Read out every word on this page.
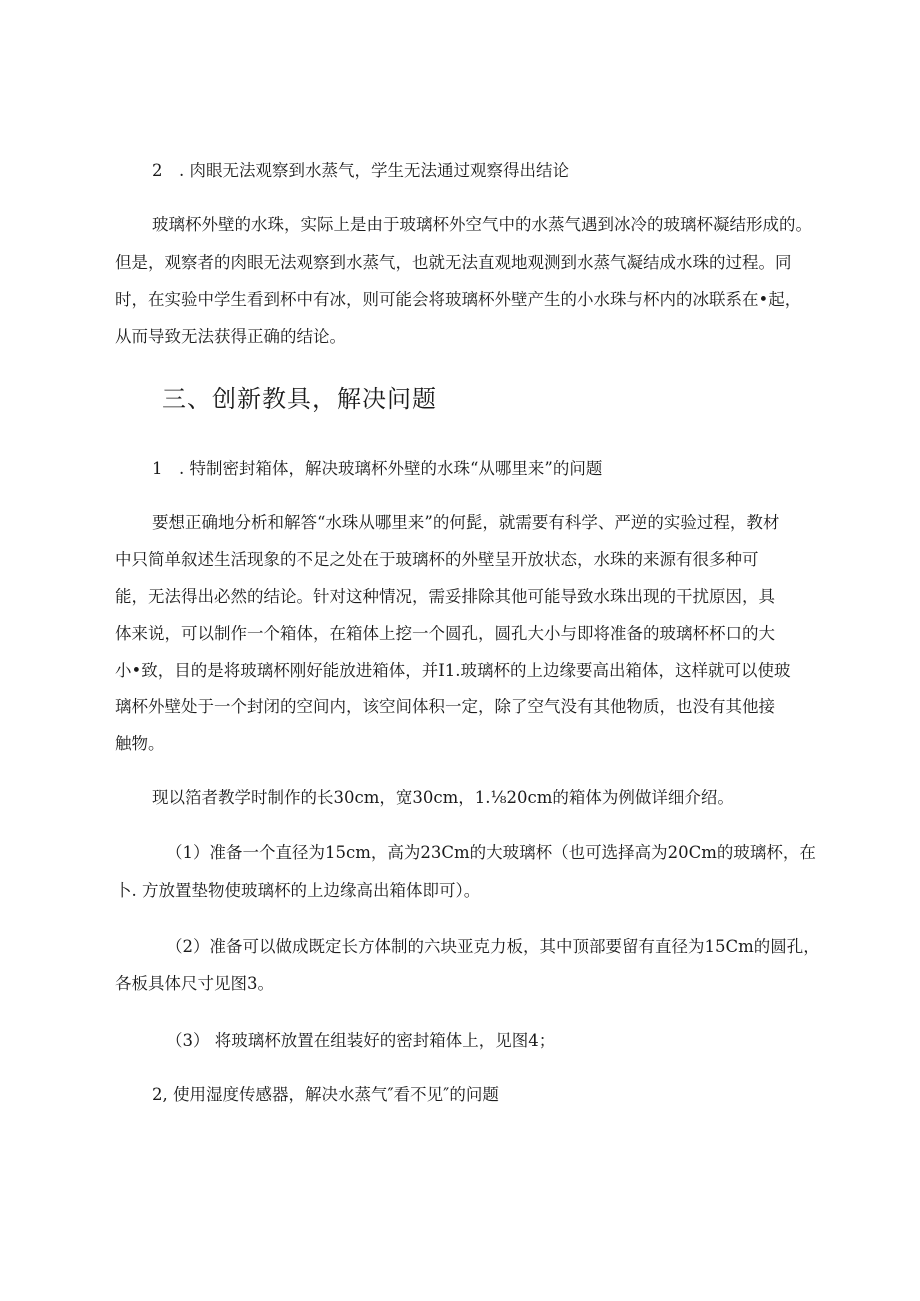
2　. 肉眼无法观察到水蒸气，学生无法通过观察得出结论
玻璃杯外壁的水珠，实际上是由于玻璃杯外空气中的水蒸气遇到冰冷的玻璃杯凝结形成的。
但是，观察者的肉眼无法观察到水蒸气，也就无法直观地观测到水蒸气凝结成水珠的过程。同
时，在实验中学生看到杯中有冰，则可能会将玻璃杯外壁产生的小水珠与杯内的冰联系在•起，
从而导致无法获得正确的结论。
三、创新教具，解决问题
1　. 特制密封箱体，解决玻璃杯外壁的水珠“从哪里来”的问题
要想正确地分析和解答“水珠从哪里来”的何髭，就需要有科学、严逆的实验过程，教材
中只简单叙述生活现象的不足之处在于玻璃杯的外壁呈开放状态，水珠的来源有很多种可
能，无法得出必然的结论。针对这种情况，需妥排除其他可能导致水珠出现的干扰原因，具
体来说，可以制作一个箱体，在箱体上挖一个圆孔，圆孔大小与即将准备的玻璃杯杯口的大
小•致，目的是将玻璃杯刚好能放进箱体，并I1.玻璃杯的上边缘要高出箱体，这样就可以使玻
璃杯外壁处于一个封闭的空间内，该空间体积一定，除了空气没有其他物质，也没有其他接
触物。
现以箔者教学时制作的长30cm，宽30cm，1.⅛20cm的箱体为例做详细介绍。
（1）准备一个直径为15cm，高为23Cm的大玻璃杯（也可选择高为20Cm的玻璃杯，在
卜. 方放置垫物使玻璃杯的上边缘高出箱体即可）。
（2）准备可以做成既定长方体制的六块亚克力板，其中顶部要留有直径为15Cm的圆孔，
各板具体尺寸见图3。
（3） 将玻璃杯放置在组装好的密封箱体上，见图4；
2, 使用湿度传感器，解决水蒸气″看不见″的问题
